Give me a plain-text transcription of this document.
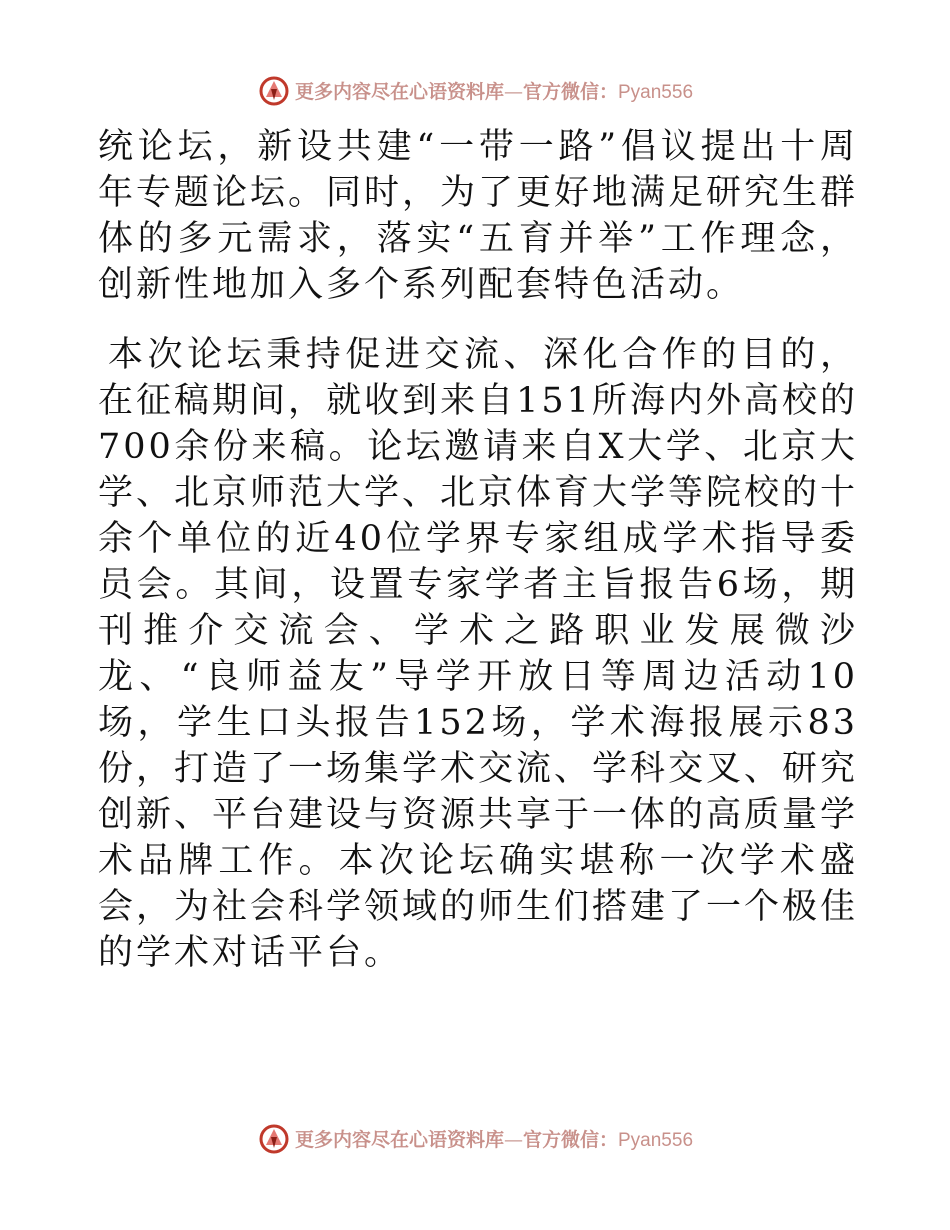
更多内容尽在心语资料库—官方微信：Pyan556

统论坛，新设共建“一带一路”倡议提出十周年专题论坛。同时，为了更好地满足研究生群体的多元需求，落实“五育并举”工作理念，创新性地加入多个系列配套特色活动。

本次论坛秉持促进交流、深化合作的目的，在征稿期间，就收到来自151所海内外高校的700余份来稿。论坛邀请来自X大学、北京大学、北京师范大学、北京体育大学等院校的十余个单位的近40位学界专家组成学术指导委员会。其间，设置专家学者主旨报告6场，期刊推介交流会、学术之路职业发展微沙龙、“良师益友”导学开放日等周边活动10场，学生口头报告152场，学术海报展示83份，打造了一场集学术交流、学科交叉、研究创新、平台建设与资源共享于一体的高质量学术品牌工作。本次论坛确实堪称一次学术盛会，为社会科学领域的师生们搭建了一个极佳的学术对话平台。

更多内容尽在心语资料库—官方微信：Pyan556
